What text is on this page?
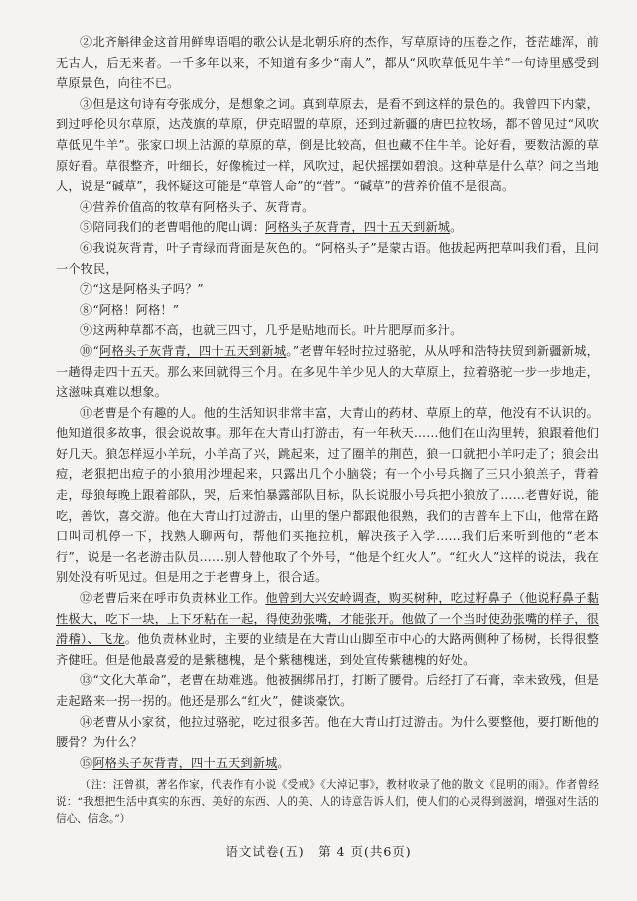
②北齐斛律金这首用鲜卑语唱的歌公认是北朝乐府的杰作，写草原诗的压卷之作，苍茫雄浑，前无古人，后无来者。一千多年以来，不知道有多少“南人”，都从“风吹草低见牛羊”一句诗里感受到草原景色，向往不已。

③但是这句诗有夸张成分，是想象之词。真到草原去，是看不到这样的景色的。我曾四下内蒙，到过呼伦贝尔草原，达茂旗的草原，伊克昭盟的草原，还到过新疆的唐巴拉牧场，都不曾见过“风吹草低见牛羊”。张家口坝上沽源的草原的草，倒是比较高，但也藏不住牛羊。论好看，要数沽源的草原好看。草很整齐，叶细长，好像梳过一样，风吹过，起伏摇摆如碧浪。这种草是什么草？问之当地人，说是“碱草”，我怀疑这可能是“草管人命”的“菅”。“碱草”的营养价值不是很高。

④营养价值高的牧草有阿格头子、灰背青。

⑤陪同我们的老曹唱他的爬山调：阿格头子灰背青，四十五天到新城。

⑥我说灰背青，叶子青绿而背面是灰色的。“阿格头子”是蒙古语。他拔起两把草叫我们看，且问一个牧民，

⑦“这是阿格头子吗？”

⑧“阿格！阿格！”

⑨这两种草都不高，也就三四寸，几乎是贴地而长。叶片肥厚而多汁。

⑩“阿格头子灰背青，四十五天到新城。”老曹年轻时拉过骆驼，从从呼和浩特扶贸到新疆新城，一趟得走四十五天。那么来回就得三个月。在多见牛羊少见人的大草原上，拉着骆驼一步一步地走，这滋味真难以想象。

⑪老曹是个有趣的人。他的生活知识非常丰富，大青山的药材、草原上的草，他没有不认识的。他知道很多故事，很会说故事。那年在大青山打游击，有一年秋天……他们在山沟里转，狼跟着他们好几天。狼怎样逗小羊玩，小羊高了兴，跳起来，过了圈羊的荆芭，狼一口就把小羊叼走了；狼会出痘，老狠把出痘子的小狼用沙埋起来，只露出几个小脑袋；有一个小号兵搁了三只小狼羔子，背着走，母狼每晚上跟着部队，哭，后来怕暴露部队目标，队长说服小号兵把小狼放了……老曹好说，能吃，善饮，喜交游。他在大青山打过游击，山里的堡户都跟他很熟，我们的吉普车上下山，他常在路口叫司机停一下，找熟人聊两句，帮他们买拖拉机，解决孩子入学……我们后来听到他的“老本行”，说是一名老游击队员……别人替他取了个外号，“他是个红火人”。“红火人”这样的说法，我在别处没有听见过。但是用之于老曹身上，很合适。

⑫老曹后来在呼市负责林业工作。他曾到大兴安岭调查，购买树种，吃过籽鼻子（他说籽鼻子黏性极大，吃下一块，上下牙粘在一起，得使劲张嘴，才能张开。他做了一个当时使劲张嘴的样子，很滑稽）、飞龙。他负责林业时，主要的业绩是在大青山山脚至市中心的大路两侧种了杨树，长得很整齐健旺。但是他最喜爱的是紫穗槐，是个紫穗槐迷，到处宣传紫穗槐的好处。

⑬“文化大革命”，老曹在劫难逃。他被捆绑吊打，打断了腰骨。后经打了石膏，幸未致残，但是走起路来一拐一拐的。他还是那么“红火”，健谈豪饮。

⑭老曹从小家贫，他拉过骆驼，吃过很多苦。他在大青山打过游击。为什么要整他，要打断他的腰骨？为什么？

⑮阿格头子灰背青，四十五天到新城。

（注：汪曾祺，著名作家，代表作有小说《受戒》《大淖记事》，教材收录了他的散文《昆明的雨》。作者曾经说：“我想把生活中真实的东西、美好的东西、人的美、人的诗意告诉人们，使人们的心灵得到滋润，增强对生活的信心、信念。”）

语文试卷(五)　第 4 页(共6页)
